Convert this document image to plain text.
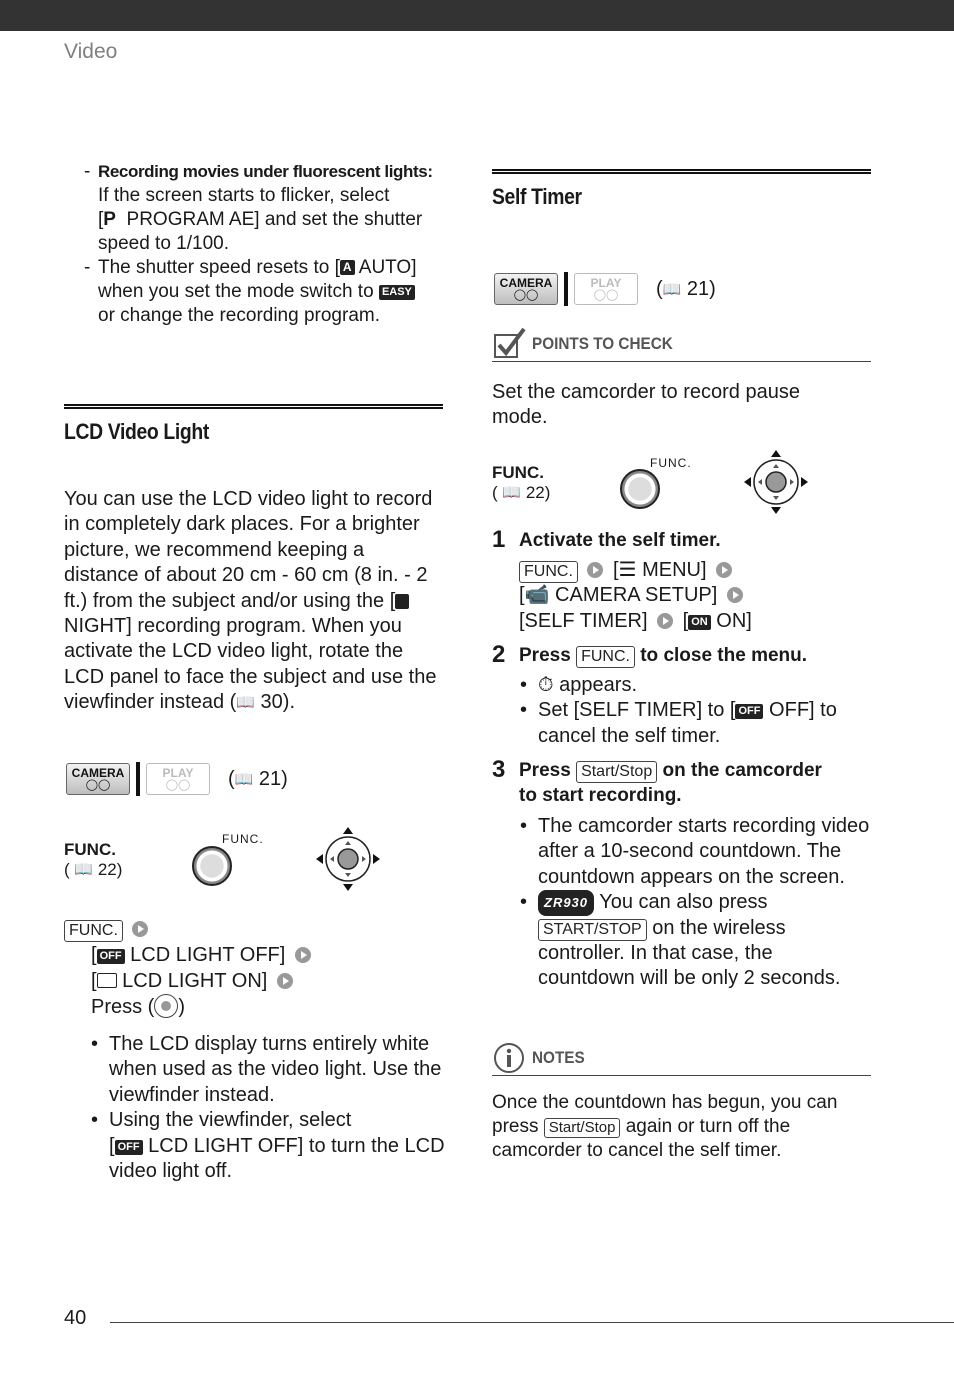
Video
- Recording movies under fluorescent lights:
If the screen starts to flicker, select
[P PROGRAM AE] and set the shutter
speed to 1/100.
- The shutter speed resets to [ A AUTO]
when you set the mode switch to EASY
or change the recording program.
LCD Video Light

You can use the LCD video light to record in completely dark places. For a brighter picture, we recommend keeping a distance of about 20 cm - 60 cm (8 in. - 2 ft.) from the subject and/or using the [ NIGHT] recording program. When you activate the LCD video light, rotate the LCD panel to face the subject and use the viewfinder instead (📖 30).

CAMERA
◯◯
PLAY
◯◯ (📖 21)
FUNC.
( 📖 22)
FUNC.
FUNC.
[ OFF LCD LIGHT OFF]
[ LCD LIGHT ON]
Press ( )
• The LCD display turns entirely white when used as the video light. Use the viewfinder instead.
• Using the viewfinder, select
[ OFF LCD LIGHT OFF] to turn the LCD video light off.
Self Timer
CAMERA
◯◯
PLAY
◯◯ (📖 21)
POINTS TO CHECK

Set the camcorder to record pause mode.

FUNC.
( 📖 22)
FUNC.
1 Activate the self timer.
FUNC.  [☰ MENU]
[📹 CAMERA SETUP]
[SELF TIMER]  [ ON ON]
2 Press FUNC. to close the menu.
• ⏱ appears.
• Set [SELF TIMER] to [ OFF OFF] to
cancel the self timer.
3 Press Start/Stop on the camcorder
to start recording.
• The camcorder starts recording video after a 10-second countdown. The countdown appears on the screen.
• ZR930 You can also press
START/STOP on the wireless
controller. In that case, the countdown will be only 2 seconds.
NOTES
Once the countdown has begun, you can
press Start/Stop again or turn off the
camcorder to cancel the self timer.
40
